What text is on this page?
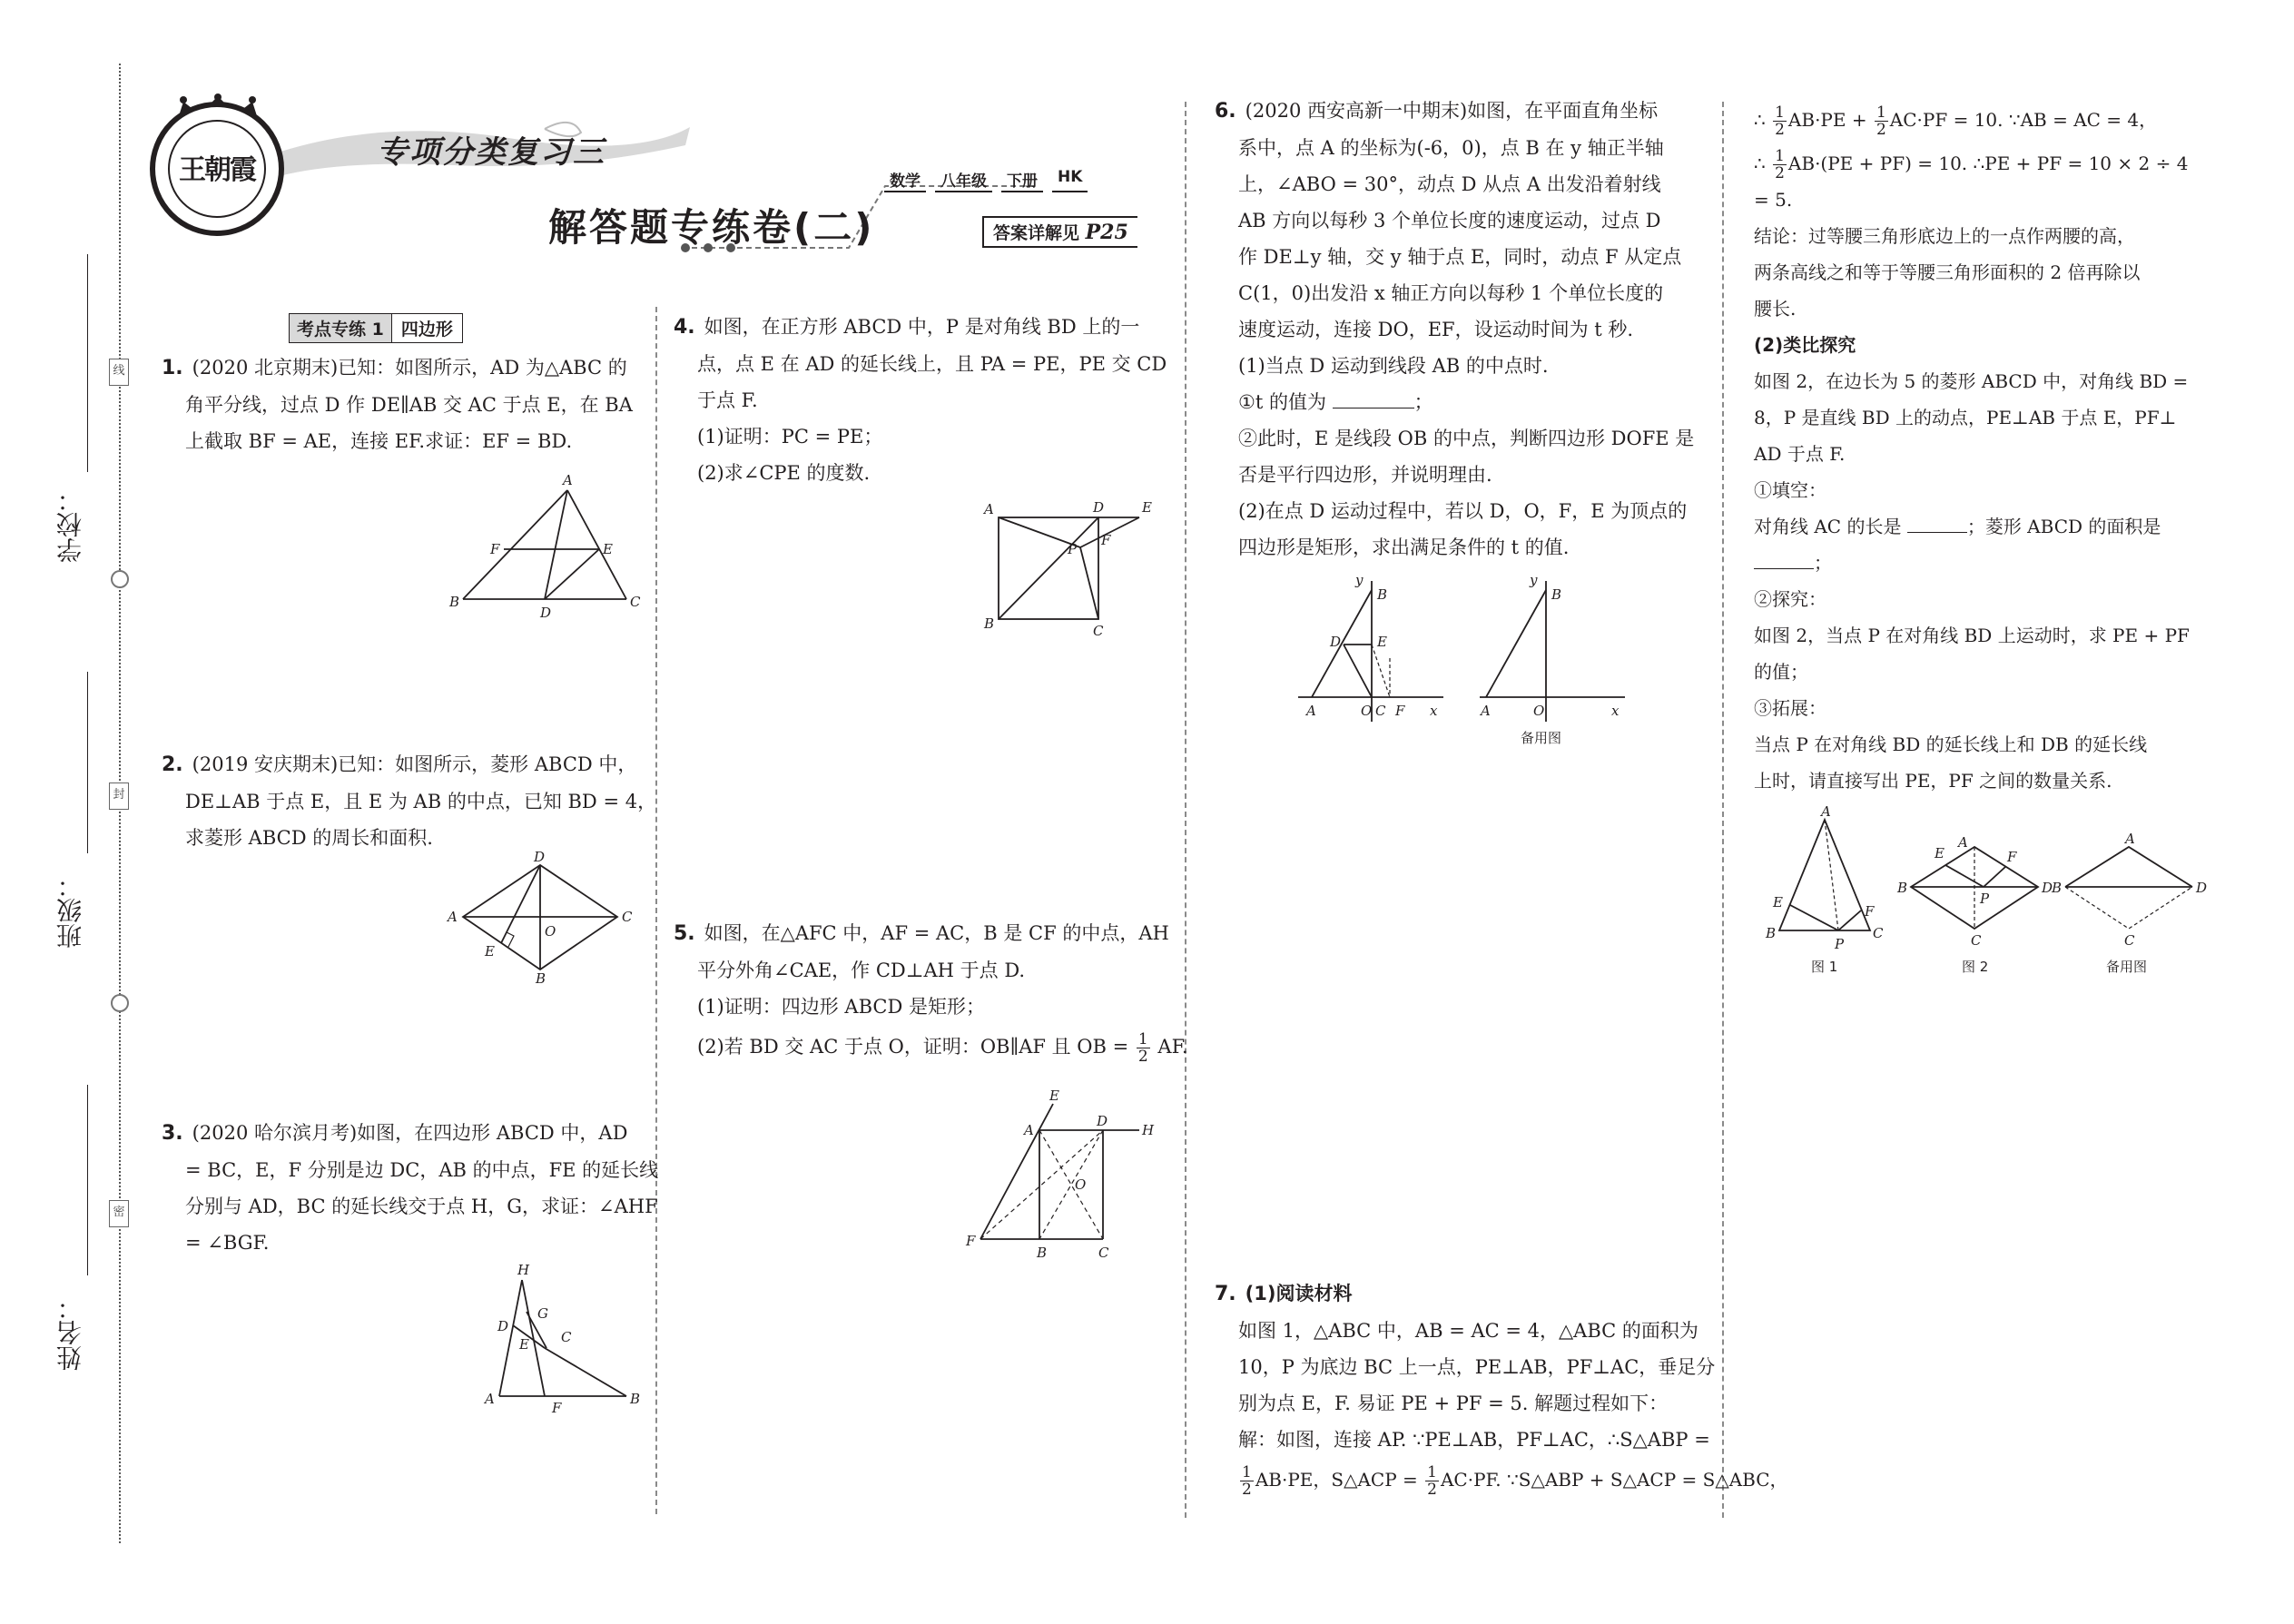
学校：
班级：
姓名：
线
封
密
王朝霞	专项分类复习三
解答题专练卷(二)
数学	八年级	下册	HK
答案详解见 P25
考点专练 1	四边形
1. (2020 北京期末)已知：如图所示，AD 为△ABC 的
角平分线，过点 D 作 DE∥AB 交 AC 于点 E，在 BA
上截取 BF = AE，连接 EF.求证：EF = BD.
A
F	E
B
D
C
2. (2019 安庆期末)已知：如图所示，菱形 ABCD 中，
DE⊥AB 于点 E，且 E 为 AB 的中点，已知 BD = 4，
求菱形 ABCD 的周长和面积.
D
A
O
C
E
B
3. (2020 哈尔滨月考)如图，在四边形 ABCD 中，AD
= BC，E，F 分别是边 DC，AB 的中点，FE 的延长线
分别与 AD，BC 的延长线交于点 H，G，求证：∠AHF
= ∠BGF.
H
G
D
E C
A
F
B
4. 如图，在正方形 ABCD 中，P 是对角线 BD 上的一
点，点 E 在 AD 的延长线上，且 PA = PE，PE 交 CD
于点 F.
(1)证明：PC = PE；
(2)求∠CPE 的度数.
A	D	E
F
P
B	C
5. 如图，在△AFC 中，AF = AC，B 是 CF 的中点，AH
平分外角∠CAE，作 CD⊥AH 于点 D.
(1)证明：四边形 ABCD 是矩形；
(2)若 BD 交 AC 于点 O，证明：OB∥AF 且 OB = $\frac{1}{2}$ AF.
E
A
D
H
O
F
B	C
6. (2020 西安高新一中期末)如图，在平面直角坐标
系中，点 A 的坐标为(-6，0)，点 B 在 y 轴正半轴
上，∠ABO = 30°，动点 D 从点 A 出发沿着射线
AB 方向以每秒 3 个单位长度的速度运动，过点 D
作 DE⊥y 轴，交 y 轴于点 E，同时，动点 F 从定点
C(1，0)出发沿 x 轴正方向以每秒 1 个单位长度的
速度运动，连接 DO，EF，设运动时间为 t 秒.
(1)当点 D 运动到线段 AB 的中点时.
①t 的值为	；
②此时，E 是线段 OB 的中点，判断四边形 DOFE 是
否是平行四边形，并说明理由.
(2)在点 D 运动过程中，若以 D，O，F，E 为顶点的
四边形是矩形，求出满足条件的 t 的值.
y
B
D	E
A	O C F x
y
B
A	O	x
备用图
7. (1)阅读材料
如图 1，△ABC 中，AB = AC = 4，△ABC 的面积为
10，P 为底边 BC 上一点，PE⊥AB，PF⊥AC，垂足分
别为点 E，F. 易证 PE + PF = 5. 解题过程如下：
解：如图，连接 AP. ∵PE⊥AB，PF⊥AC，∴S△ABP =
$\frac{1}{2} AB\cdot PE$，S△ACP = $\frac{1}{2} AC\cdot PF$. ∵S△ABP + S△ACP = S△ABC，
∴ $\frac{1}{2} AB\cdot PE + \frac{1}{2} AC\cdot PF = 10$. ∵AB = AC = 4，
∴ $\frac{1}{2} AB\cdot(PE + PF) = 10$. ∴PE + PF = 10 × 2 ÷ 4
= 5.
结论：过等腰三角形底边上的一点作两腰的高，
两条高线之和等于等腰三角形面积的 2 倍再除以
腰长.
(2)类比探究
如图 2，在边长为 5 的菱形 ABCD 中，对角线 BD =
8，P 是直线 BD 上的动点，PE⊥AB 于点 E，PF⊥
AD 于点 F.
①填空：
对角线 AC 的长是	；菱形 ABCD 的面积是
；
②探究：
如图 2，当点 P 在对角线 BD 上运动时，求 PE + PF
的值；
③拓展：
当点 P 在对角线 BD 的延长线上和 DB 的延长线
上时，请直接写出 PE，PF 之间的数量关系.
A
E
F
B
P
C
图 1
E
A
F
B
P
D
C
图 2
A
B	D
C
备用图
